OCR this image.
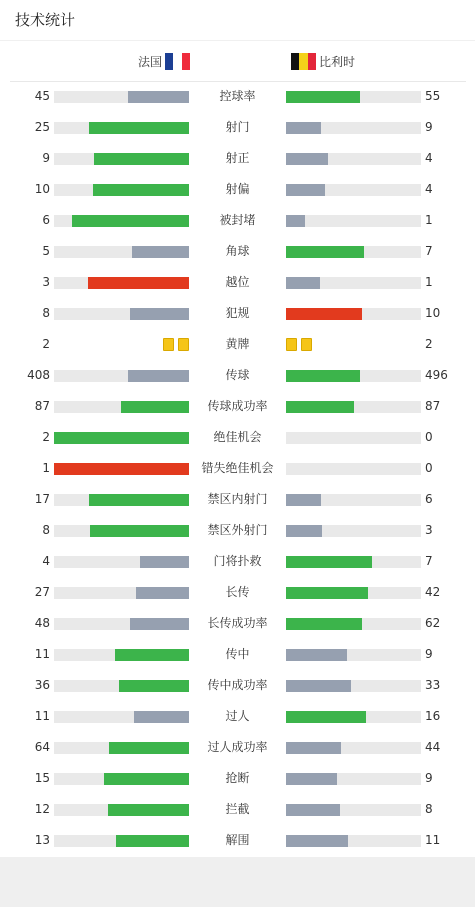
技术统计
法国	比利时
45	控球率	55
25	射门	9
9	射正	4
10	射偏	4
6	被封堵	1
5	角球	7
3	越位	1
8	犯规	10
2	黄牌	2
408	传球	496
87	传球成功率	87
2	绝佳机会	0
1	错失绝佳机会	0
17	禁区内射门	6
8	禁区外射门	3
4	门将扑救	7
27	长传	42
48	长传成功率	62
11	传中	9
36	传中成功率	33
11	过人	16
64	过人成功率	44
15	抢断	9
12	拦截	8
13	解围	11
